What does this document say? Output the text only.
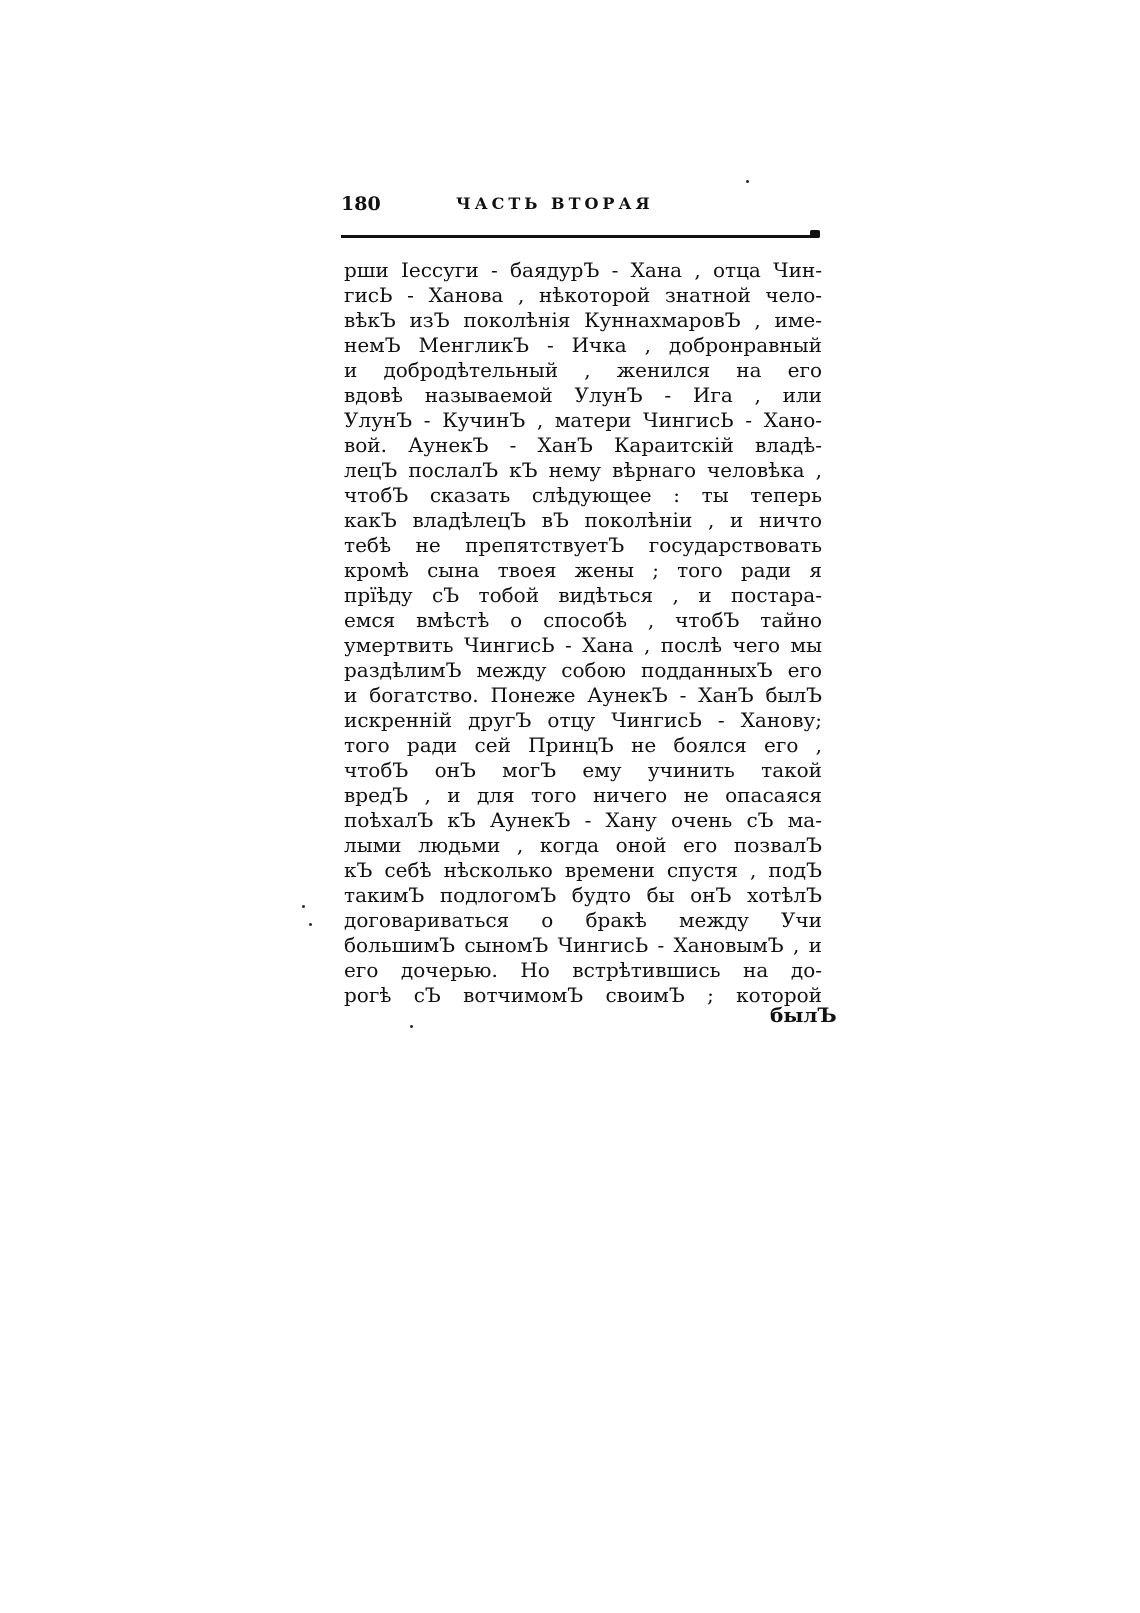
180	ЧАСТЬ ВТОРАЯ
рши Iессуги - баядурЪ - Хана , отца Чин-
гисЬ - Ханова , нѣкоторой знатной чело-
вѣкЪ изЪ поколѣнія КуннахмаровЪ , име-
немЪ МенгликЪ - Ичка , добронравный
и добродѣтельный , женился на его
вдовѣ называемой УлунЪ - Ига , или
УлунЪ - КучинЪ , матери ЧингисЬ - Хано-
вой. АунекЪ - ХанЪ Караитскій владѣ-
лецЪ послалЪ кЪ нему вѣрнаго человѣка ,
чтобЪ сказать слѣдующее : ты теперь
какЪ владѣлецЪ вЪ поколѣніи , и ничто
тебѣ не препятствуетЪ государствовать
кромѣ сына твоея жены ; того ради я
прїѣду сЪ тобой видѣться , и постара-
емся вмѣстѣ о способѣ , чтобЪ тайно
умертвить ЧингисЬ - Хана , послѣ чего мы
раздѣлимЪ между собою подданныхЪ его
и богатство. Понеже АунекЪ - ХанЪ былЪ
искренній другЪ отцу ЧингисЬ - Ханову;
того ради сей ПринцЪ не боялся его ,
чтобЪ онЪ могЪ ему учинить такой
вредЪ , и для того ничего не опасаяся
поѣхалЪ кЪ АунекЪ - Хану очень сЪ ма-
лыми людьми , когда оной его позвалЪ
кЪ себѣ нѣсколько времени спустя , подЪ
такимЪ подлогомЪ будто бы онЪ хотѣлЪ
договариваться о бракѣ между Учи
большимЪ сыномЪ ЧингисЬ - ХановымЪ , и
его дочерью. Но встрѣтившись на до-
рогѣ сЪ вотчимомЪ своимЪ ; которой
былЪ
